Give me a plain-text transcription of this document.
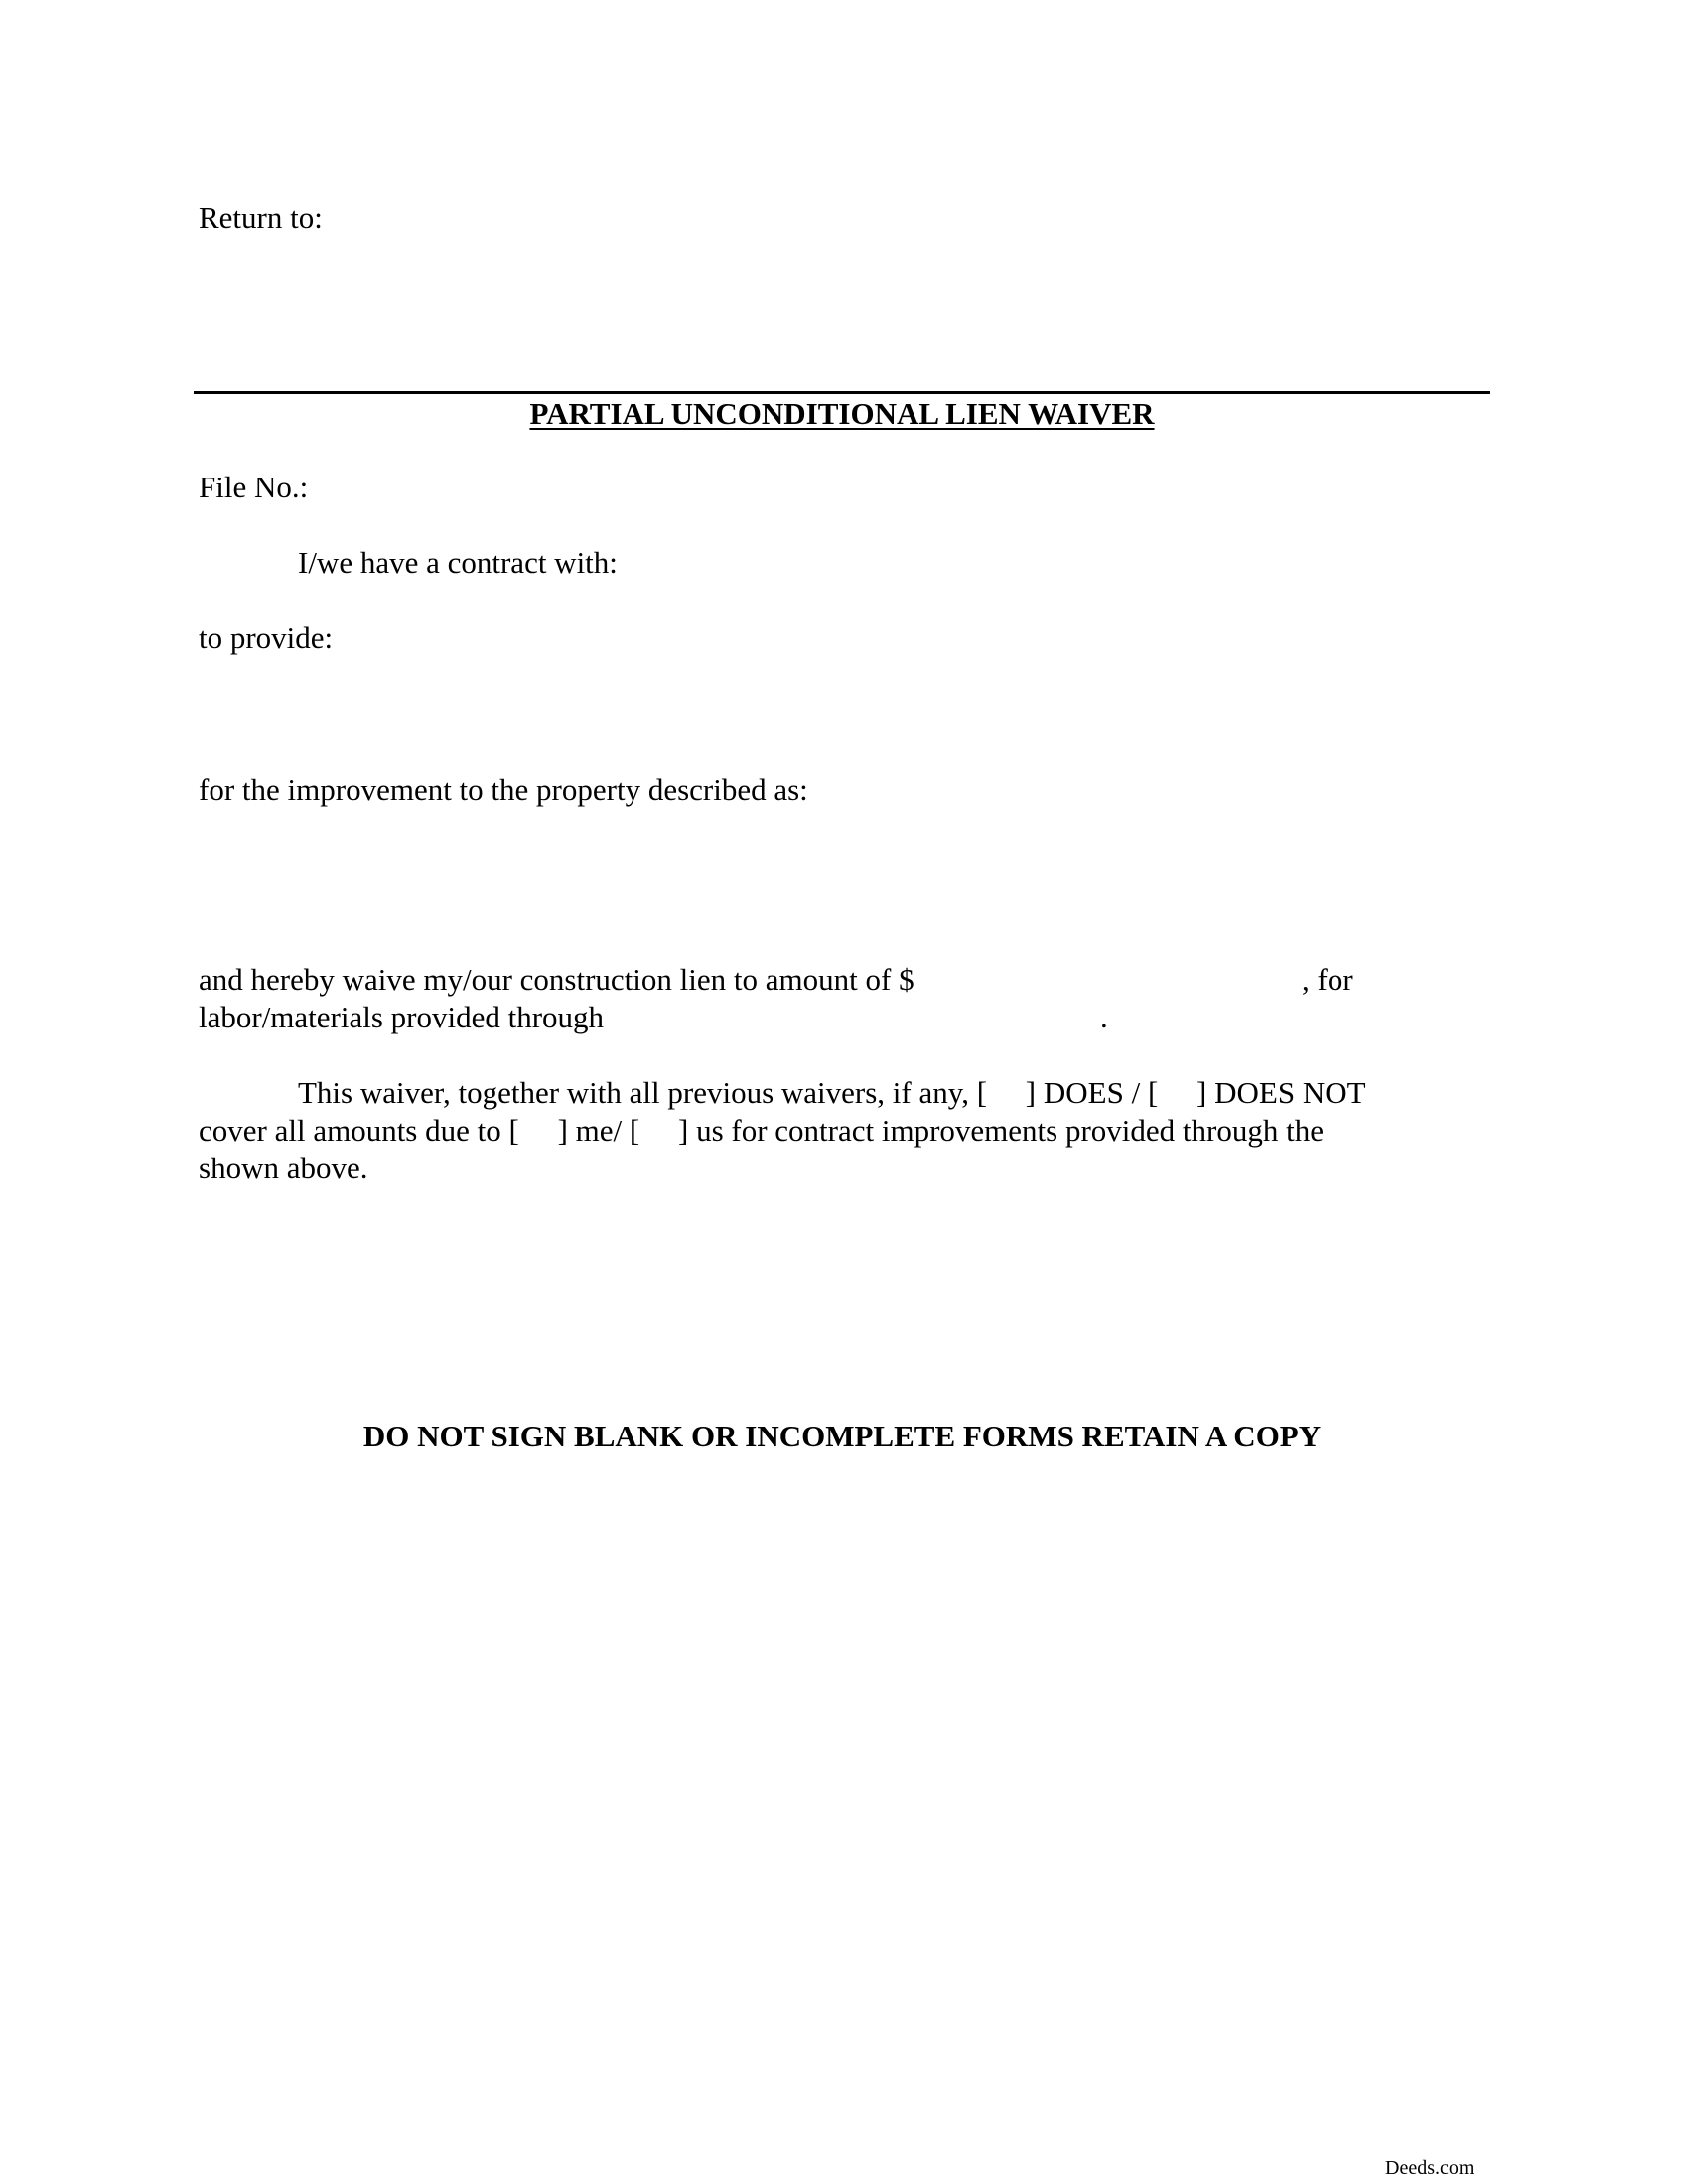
Return to:
PARTIAL UNCONDITIONAL LIEN WAIVER
File No.:
I/we have a contract with:
to provide:
for the improvement to the property described as:
and hereby waive my/our construction lien to amount of $	, for
labor/materials provided through	.
This waiver, together with all previous waivers, if any, [     ] DOES / [     ] DOES NOT
cover all amounts due to [     ] me/ [     ] us for contract improvements provided through the
shown above.
DO NOT SIGN BLANK OR INCOMPLETE FORMS RETAIN A COPY
Deeds.com
